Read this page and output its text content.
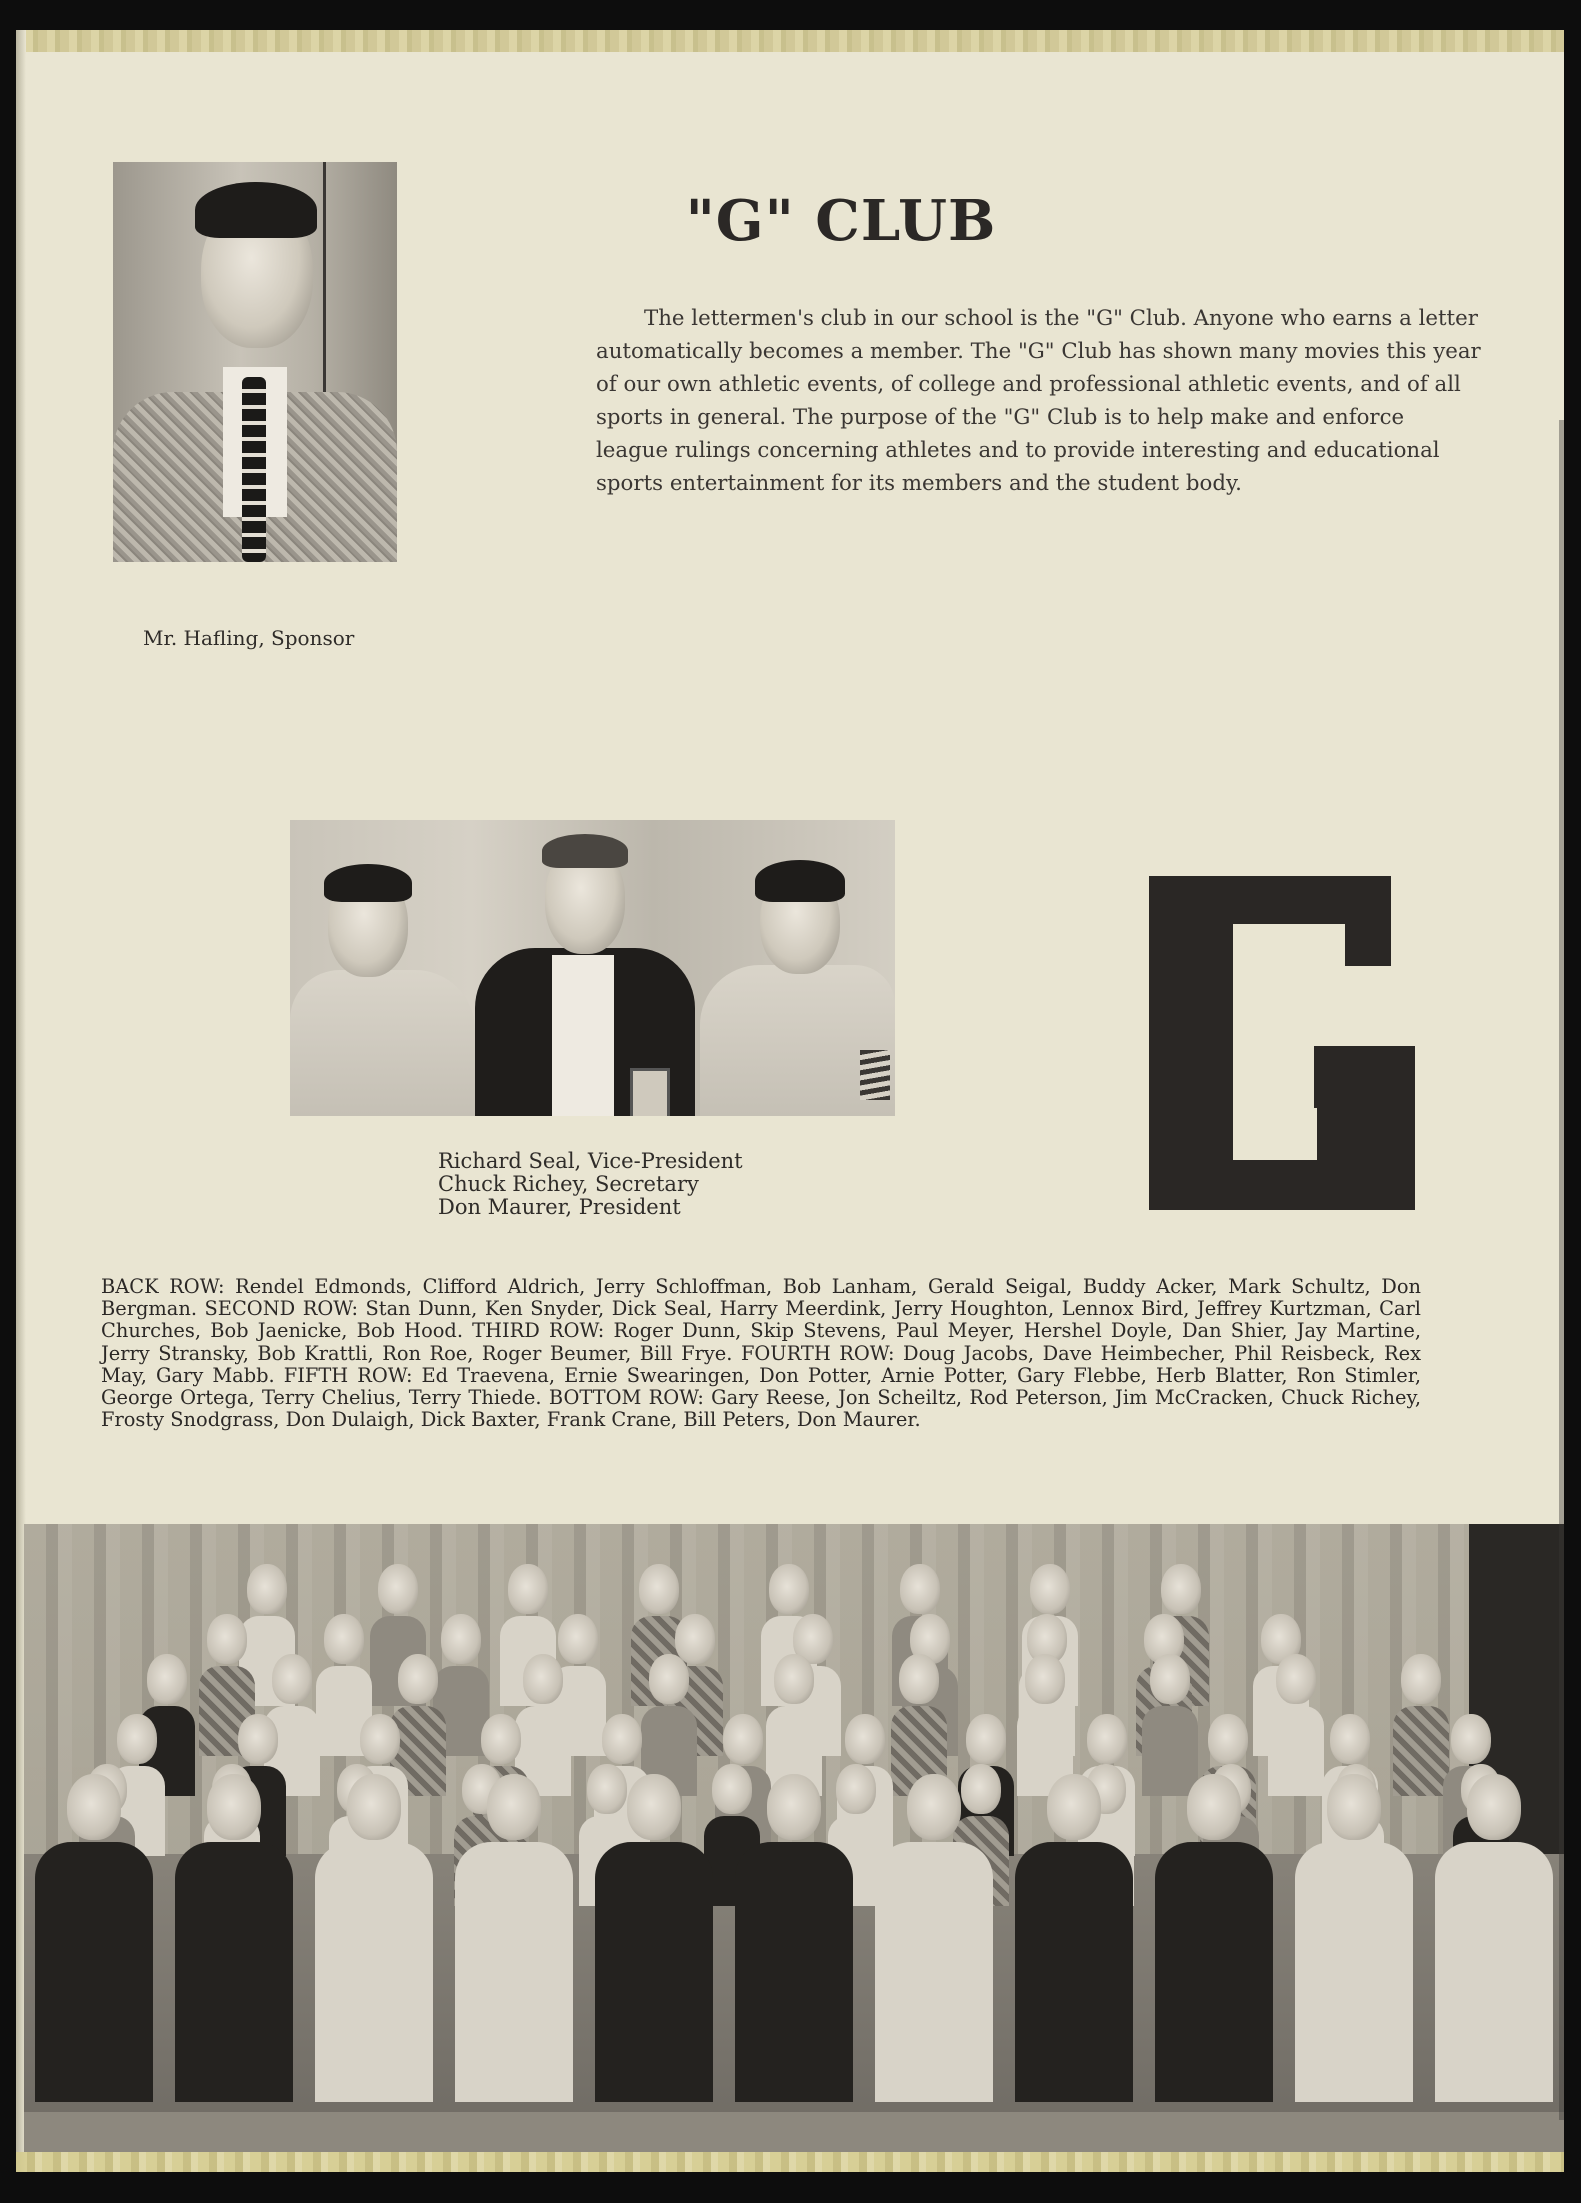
Mr. Hafling, Sponsor
"G" CLUB

The lettermen's club in our school is the "G" Club. Anyone who earns a letter automatically becomes a member. The "G" Club has shown many movies this year of our own athletic events, of college and professional athletic events, and of all sports in general. The purpose of the "G" Club is to help make and enforce league rulings concerning athletes and to provide interesting and educational sports entertainment for its members and the student body.

Richard Seal, Vice-President
Chuck Richey, Secretary
Don Maurer, President

BACK ROW: Rendel Edmonds, Clifford Aldrich, Jerry Schloffman, Bob Lanham, Gerald Seigal, Buddy Acker, Mark Schultz, Don Bergman. SECOND ROW: Stan Dunn, Ken Snyder, Dick Seal, Harry Meerdink, Jerry Houghton, Lennox Bird, Jeffrey Kurtzman, Carl Churches, Bob Jaenicke, Bob Hood. THIRD ROW: Roger Dunn, Skip Stevens, Paul Meyer, Hershel Doyle, Dan Shier, Jay Martine, Jerry Stransky, Bob Krattli, Ron Roe, Roger Beumer, Bill Frye. FOURTH ROW: Doug Jacobs, Dave Heimbecher, Phil Reisbeck, Rex May, Gary Mabb. FIFTH ROW: Ed Traevena, Ernie Swearingen, Don Potter, Arnie Potter, Gary Flebbe, Herb Blatter, Ron Stimler, George Ortega, Terry Chelius, Terry Thiede. BOTTOM ROW: Gary Reese, Jon Scheiltz, Rod Peterson, Jim McCracken, Chuck Richey, Frosty Snodgrass, Don Dulaigh, Dick Baxter, Frank Crane, Bill Peters, Don Maurer.
